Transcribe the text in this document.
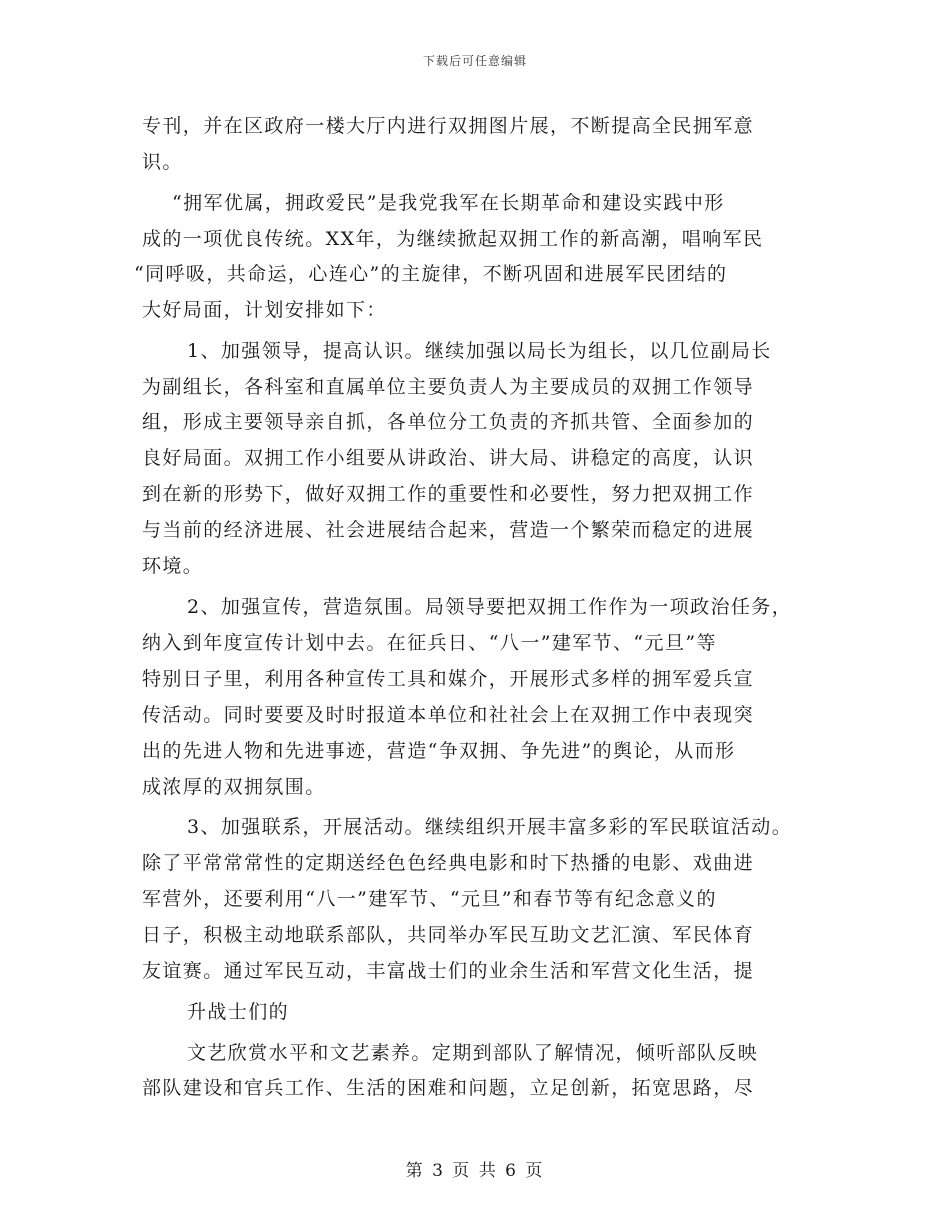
下载后可任意编辑
专刊，并在区政府一楼大厅内进行双拥图片展，不断提高全民拥军意
识。
“拥军优属，拥政爱民”是我党我军在长期革命和建设实践中形
成的一项优良传统。XX年，为继续掀起双拥工作的新高潮，唱响军民
“同呼吸，共命运，心连心”的主旋律，不断巩固和进展军民团结的
大好局面，计划安排如下：
1、加强领导，提高认识。继续加强以局长为组长，以几位副局长
为副组长，各科室和直属单位主要负责人为主要成员的双拥工作领导
组，形成主要领导亲自抓，各单位分工负责的齐抓共管、全面参加的
良好局面。双拥工作小组要从讲政治、讲大局、讲稳定的高度，认识
到在新的形势下，做好双拥工作的重要性和必要性，努力把双拥工作
与当前的经济进展、社会进展结合起来，营造一个繁荣而稳定的进展
环境。
2、加强宣传，营造氛围。局领导要把双拥工作作为一项政治任务，
纳入到年度宣传计划中去。在征兵日、“八一”建军节、“元旦”等
特别日子里，利用各种宣传工具和媒介，开展形式多样的拥军爱兵宣
传活动。同时要要及时时报道本单位和社社会上在双拥工作中表现突
出的先进人物和先进事迹，营造“争双拥、争先进”的舆论，从而形
成浓厚的双拥氛围。
3、加强联系，开展活动。继续组织开展丰富多彩的军民联谊活动。
除了平常常常性的定期送经色色经典电影和时下热播的电影、戏曲进
军营外，还要利用“八一”建军节、“元旦”和春节等有纪念意义的
日子，积极主动地联系部队，共同举办军民互助文艺汇演、军民体育
友谊赛。通过军民互动，丰富战士们的业余生活和军营文化生活，提
升战士们的
文艺欣赏水平和文艺素养。定期到部队了解情况，倾听部队反映
部队建设和官兵工作、生活的困难和问题，立足创新，拓宽思路，尽
第 3 页 共 6 页
